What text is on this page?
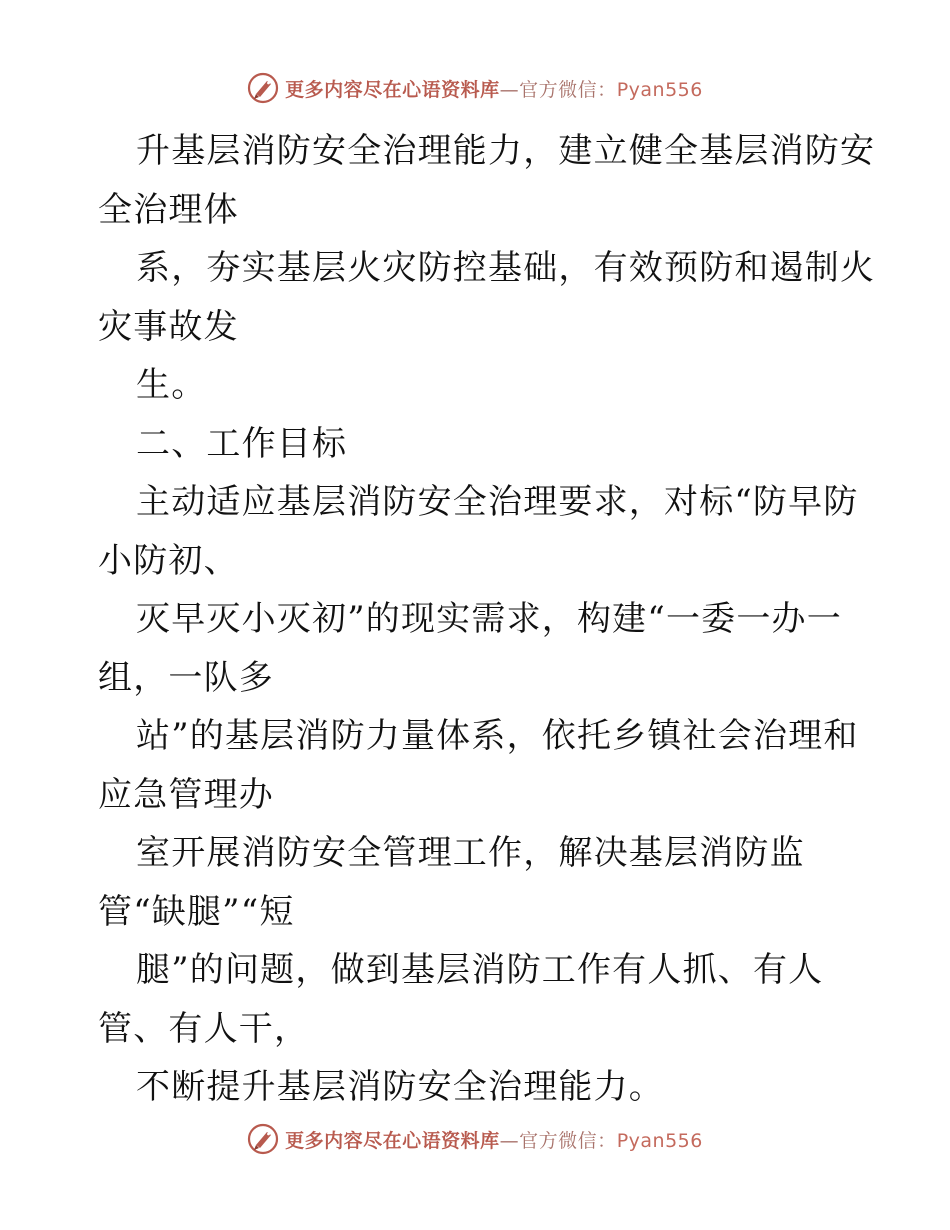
更多内容尽在心语资料库—官方微信：Pyan556
升基层消防安全治理能力，建立健全基层消防安
全治理体
系，夯实基层火灾防控基础，有效预防和遏制火
灾事故发
生。
二、工作目标
主动适应基层消防安全治理要求，对标“防早防
小防初、
灭早灭小灭初”的现实需求，构建“一委一办一
组，一队多
站”的基层消防力量体系，依托乡镇社会治理和
应急管理办
室开展消防安全管理工作，解决基层消防监
管“缺腿”“短
腿”的问题，做到基层消防工作有人抓、有人
管、有人干，
不断提升基层消防安全治理能力。
更多内容尽在心语资料库—官方微信：Pyan556
